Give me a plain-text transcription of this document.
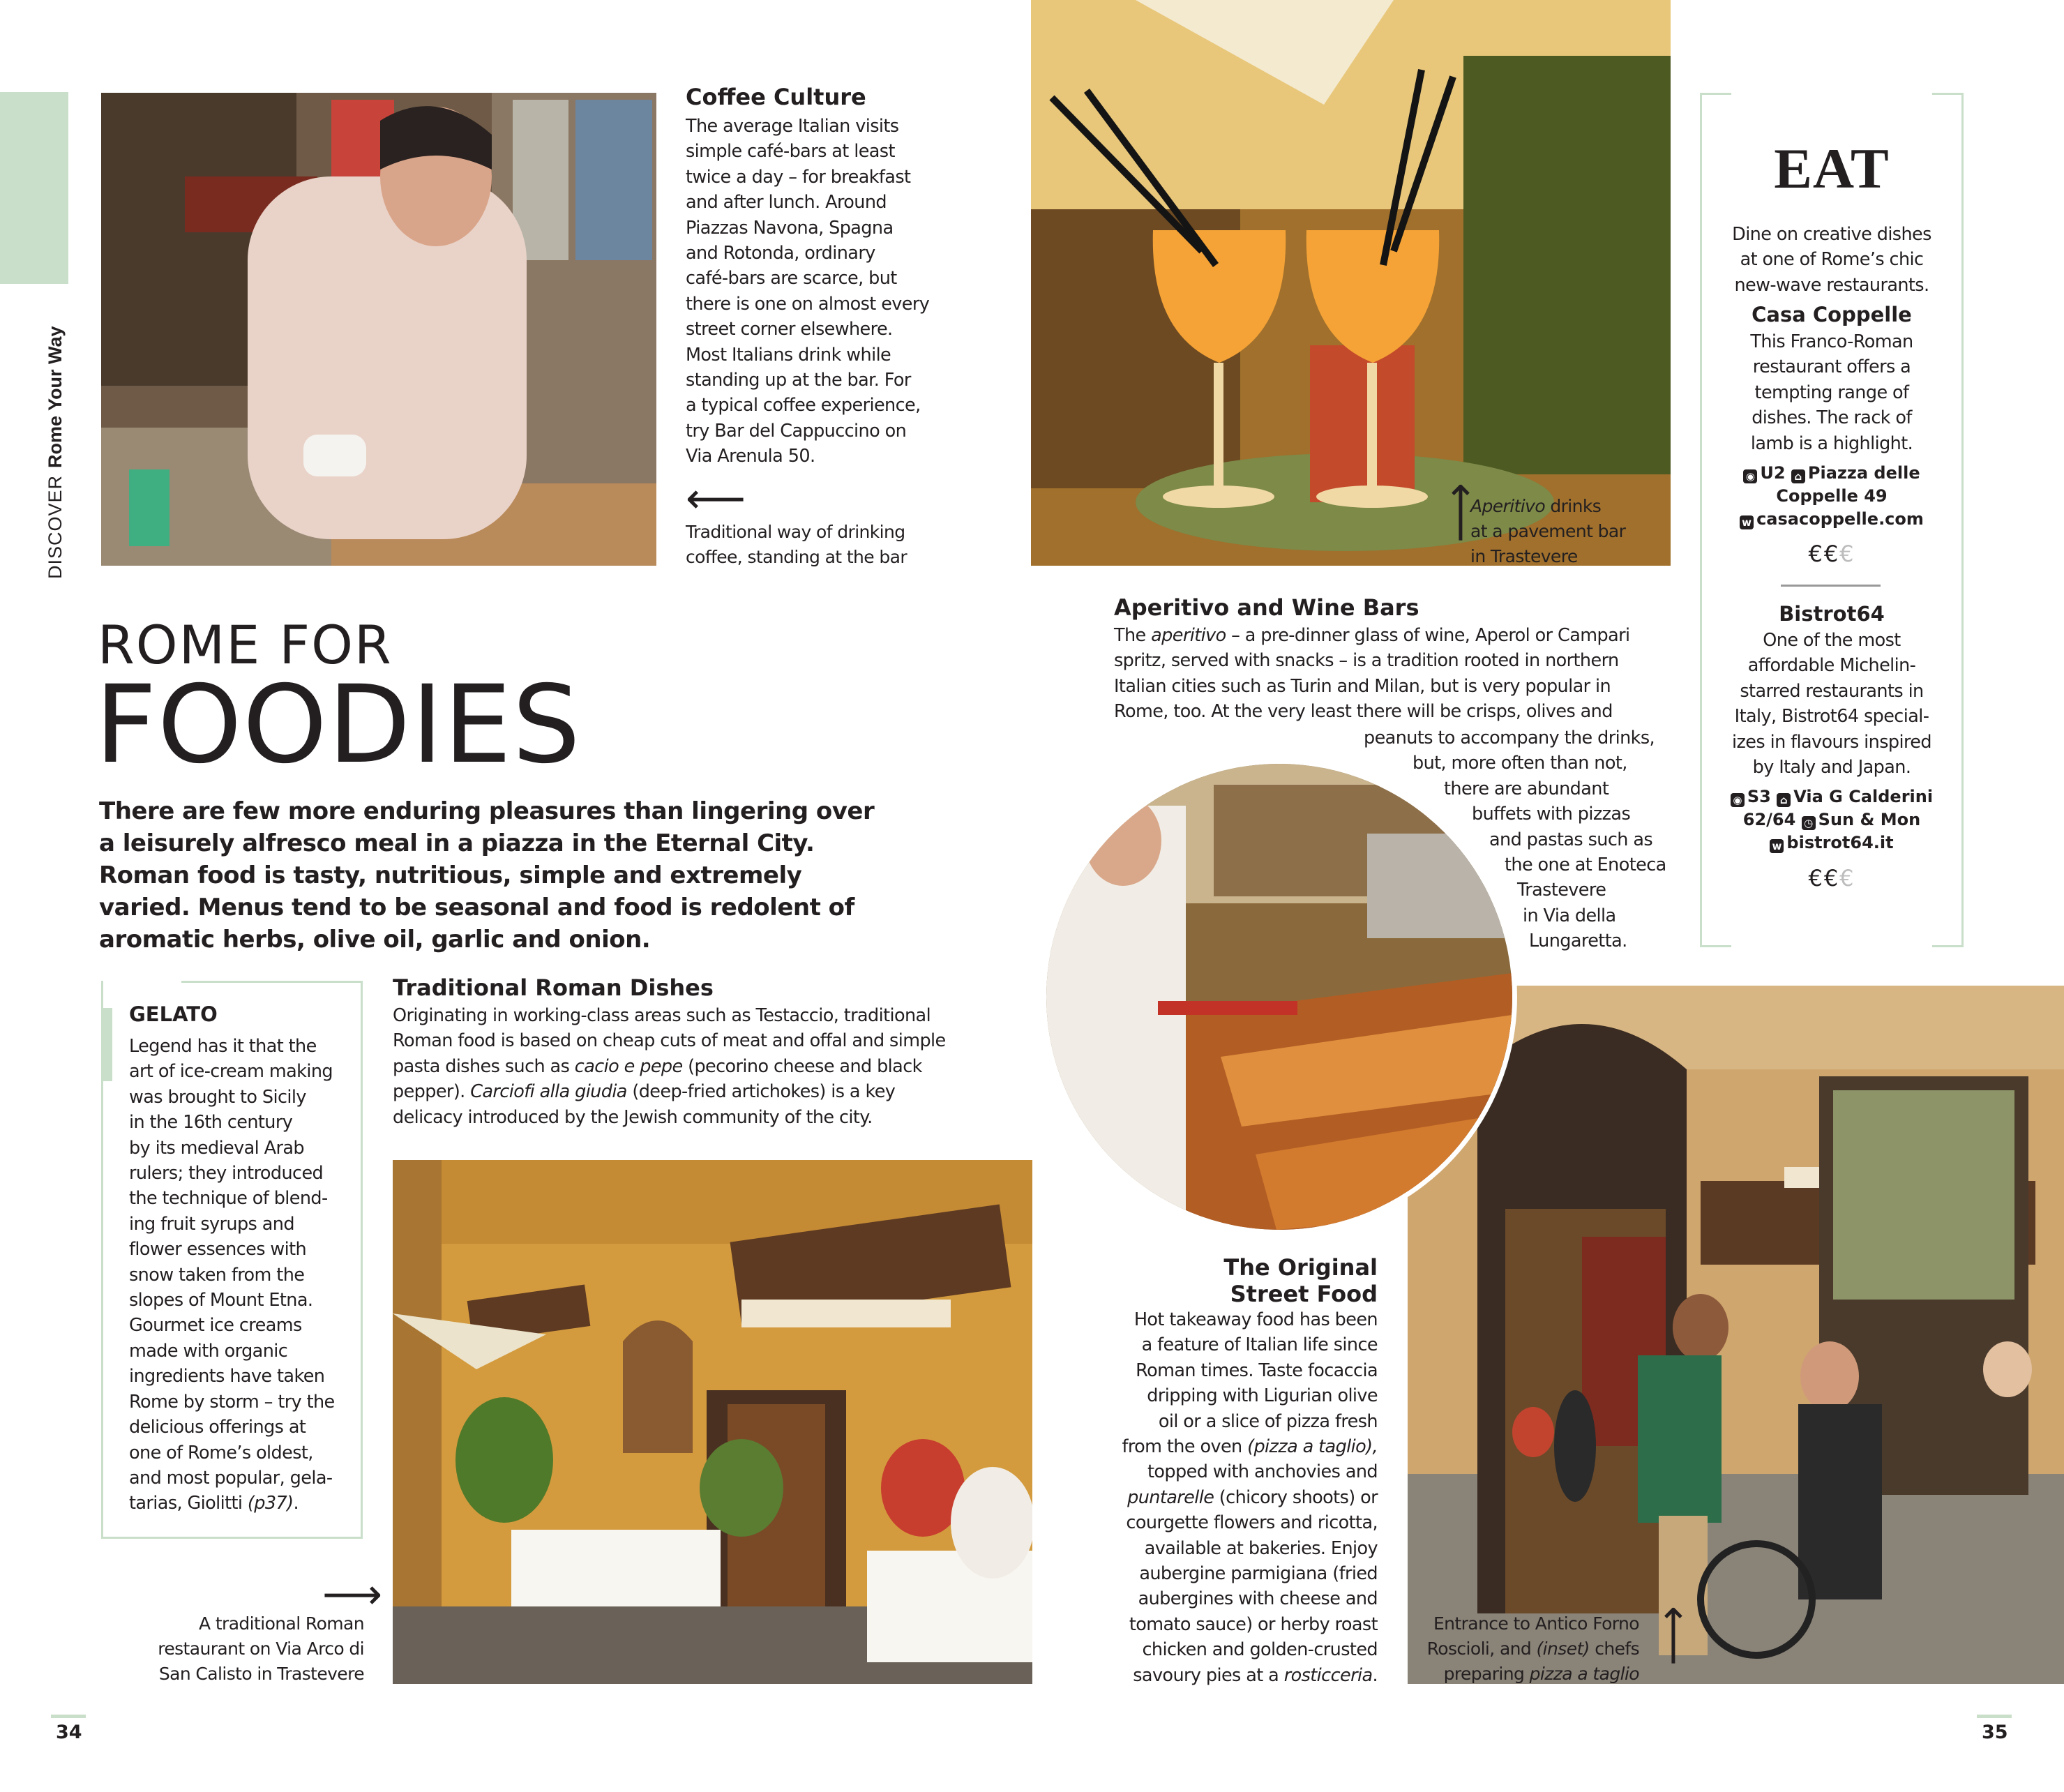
DISCOVERRome Your Way
Coffee Culture
The average Italian visits
simple café-bars at least
twice a day – for breakfast
and after lunch. Around
Piazzas Navona, Spagna
and Rotonda, ordinary
café-bars are scarce, but
there is one on almost every
street corner elsewhere.
Most Italians drink while
standing up at the bar. For
a typical coffee experience,
try Bar del Cappuccino on
Via Arenula 50.
⟵
Traditional way of drinking
coffee, standing at the bar
⟵
Aperitivo drinks
at a pavement bar
in Trastevere
EAT
Dine on creative dishes
at one of Rome’s chic
new-wave restaurants.
Casa Coppelle
This Franco-Roman
restaurant offers a
tempting range of
dishes. The rack of
lamb is a highlight.
◉ U2 ⌂ Piazza delle
Coppelle 49
w casacoppelle.com
€€€
Bistrot64
One of the most
affordable Michelin-
starred restaurants in
Italy, Bistrot64 special-
izes in flavours inspired
by Italy and Japan.
◉ S3 ⌂ Via G Calderini
62/64 ◷ Sun & Mon
w bistrot64.it
€€€
ROME FOR
FOODIES
There are few more enduring pleasures than lingering over a leisurely alfresco meal in a piazza in the Eternal City. Roman food is tasty, nutritious, simple and extremely varied. Menus tend to be seasonal and food is redolent of aromatic herbs, olive oil, garlic and onion.
Aperitivo and Wine Bars
The aperitivo – a pre-dinner glass of wine, Aperol or Campari
spritz, served with snacks – is a tradition rooted in northern
Italian cities such as Turin and Milan, but is very popular in
Rome, too. At the very least there will be crisps, olives and
peanuts to accompany the drinks,
but, more often than not,
there are abundant
buffets with pizzas
and pastas such as
the one at Enoteca
Trastevere
in Via della
Lungaretta.
GELATO
Legend has it that the
art of ice-cream making
was brought to Sicily
in the 16th century
by its medieval Arab
rulers; they introduced
the technique of blend-
ing fruit syrups and
flower essences with
snow taken from the
slopes of Mount Etna.
Gourmet ice creams
made with organic
ingredients have taken
Rome by storm – try the
delicious offerings at
one of Rome’s oldest,
and most popular, gela-
tarias, Giolitti (p37).
Traditional Roman Dishes
Originating in working-class areas such as Testaccio, traditional
Roman food is based on cheap cuts of meat and offal and simple
pasta dishes such as cacio e pepe (pecorino cheese and black
pepper). Carciofi alla giudia (deep-fried artichokes) is a key
delicacy introduced by the Jewish community of the city.
⟶
A traditional Roman
restaurant on Via Arco di
San Calisto in Trastevere
The Original
Street Food
Hot takeaway food has been
a feature of Italian life since
Roman times. Taste focaccia
dripping with Ligurian olive
oil or a slice of pizza fresh
from the oven (pizza a taglio),
topped with anchovies and
puntarelle (chicory shoots) or
courgette flowers and ricotta,
available at bakeries. Enjoy
aubergine parmigiana (fried
aubergines with cheese and
tomato sauce) or herby roast
chicken and golden-crusted
savoury pies at a rosticceria.
Entrance to Antico Forno
Roscioli, and (inset) chefs
preparing pizza a taglio
⟵
34	35
